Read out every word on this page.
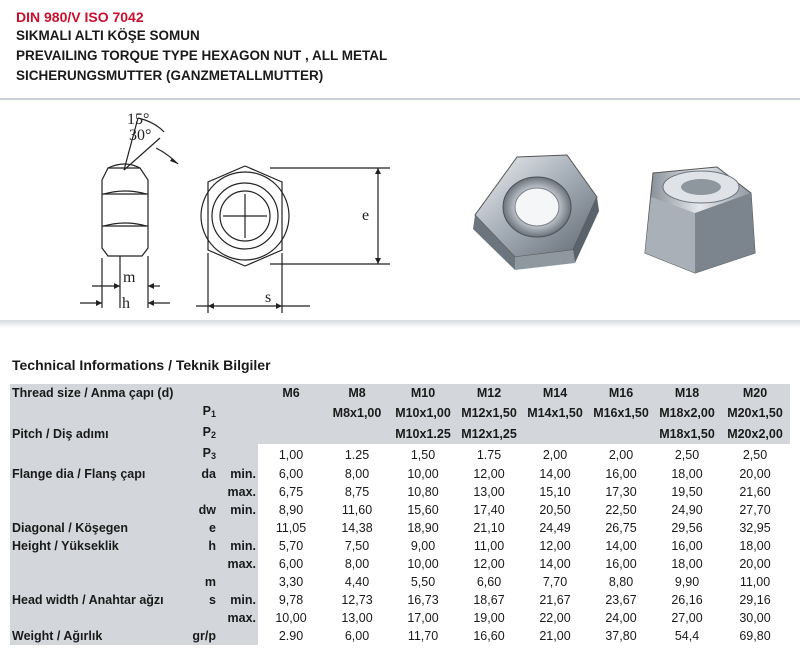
DIN 980/V ISO 7042
SIKMALI ALTI KÖŞE SOMUN
PREVAILING TORQUE TYPE HEXAGON NUT , ALL METAL
SICHERUNGSMUTTER (GANZMETALLMUTTER)
15°
30°
m
h	s
e
Technical Informations / Teknik Bilgiler
Thread size / Anma çapı (d)			M6	M8	M10	M12	M14	M16	M18	M20
	P1			M8x1,00	M10x1,00	M12x1,50	M14x1,50	M16x1,50	M18x2,00	M20x1,50
Pitch / Diş adımı	P2				M10x1.25	M12x1,25			M18x1,50	M20x2,00
	P3		1,00	1.25	1,50	1.75	2,00	2,00	2,50	2,50
Flange dia / Flanş çapı	da	min.	6,00	8,00	10,00	12,00	14,00	16,00	18,00	20,00
		max.	6,75	8,75	10,80	13,00	15,10	17,30	19,50	21,60
	dw	min.	8,90	11,60	15,60	17,40	20,50	22,50	24,90	27,70
Diagonal / Köşegen	e		11,05	14,38	18,90	21,10	24,49	26,75	29,56	32,95
Height / Yükseklik	h	min.	5,70	7,50	9,00	11,00	12,00	14,00	16,00	18,00
		max.	6,00	8,00	10,00	12,00	14,00	16,00	18,00	20,00
	m		3,30	4,40	5,50	6,60	7,70	8,80	9,90	11,00
Head width / Anahtar ağzı	s	min.	9,78	12,73	16,73	18,67	21,67	23,67	26,16	29,16
		max.	10,00	13,00	17,00	19,00	22,00	24,00	27,00	30,00
Weight / Ağırlık	gr/p		2.90	6,00	11,70	16,60	21,00	37,80	54,4	69,80
